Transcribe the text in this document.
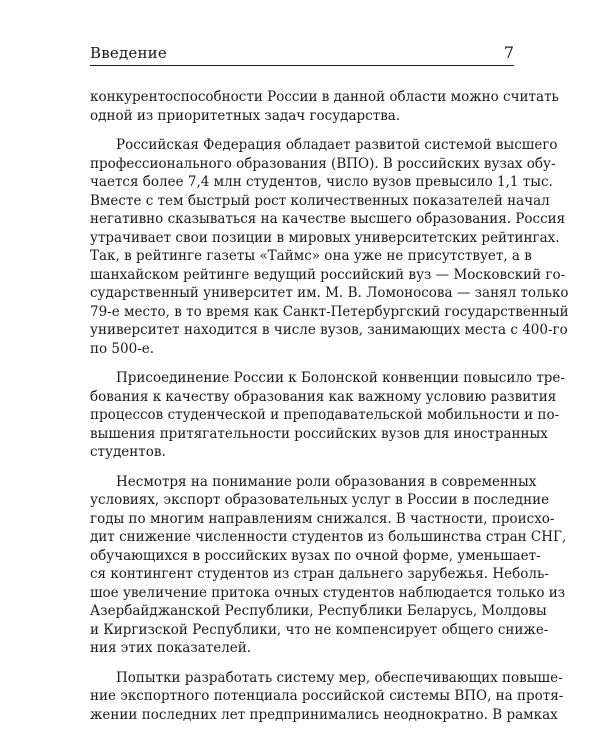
Введение	7

конкурентоспособности России в данной области можно считать
одной из приоритетных задач государства.

Российская Федерация обладает развитой системой высшего
профессионального образования (ВПО). В российских вузах обу-
чается более 7,4 млн студентов, число вузов превысило 1,1 тыс.
Вместе с тем быстрый рост количественных показателей начал
негативно сказываться на качестве высшего образования. Россия
утрачивает свои позиции в мировых университетских рейтингах.
Так, в рейтинге газеты «Таймс» она уже не присутствует, а в
шанхайском рейтинге ведущий российский вуз — Московский го-
сударственный университет им. М. В. Ломоносова — занял только
79-е место, в то время как Санкт-Петербургский государственный
университет находится в числе вузов, занимающих места с 400-го
по 500-е.

Присоединение России к Болонской конвенции повысило тре-
бования к качеству образования как важному условию развития
процессов студенческой и преподавательской мобильности и по-
вышения притягательности российских вузов для иностранных
студентов.

Несмотря на понимание роли образования в современных
условиях, экспорт образовательных услуг в России в последние
годы по многим направлениям снижался. В частности, происхо-
дит снижение численности студентов из большинства стран СНГ,
обучающихся в российских вузах по очной форме, уменьшает-
ся контингент студентов из стран дальнего зарубежья. Неболь-
шое увеличение притока очных студентов наблюдается только из
Азербайджанской Республики, Республики Беларусь, Молдовы
и Киргизской Республики, что не компенсирует общего сниже-
ния этих показателей.

Попытки разработать систему мер, обеспечивающих повыше-
ние экспортного потенциала российской системы ВПО, на протя-
жении последних лет предпринимались неоднократно. В рамках
